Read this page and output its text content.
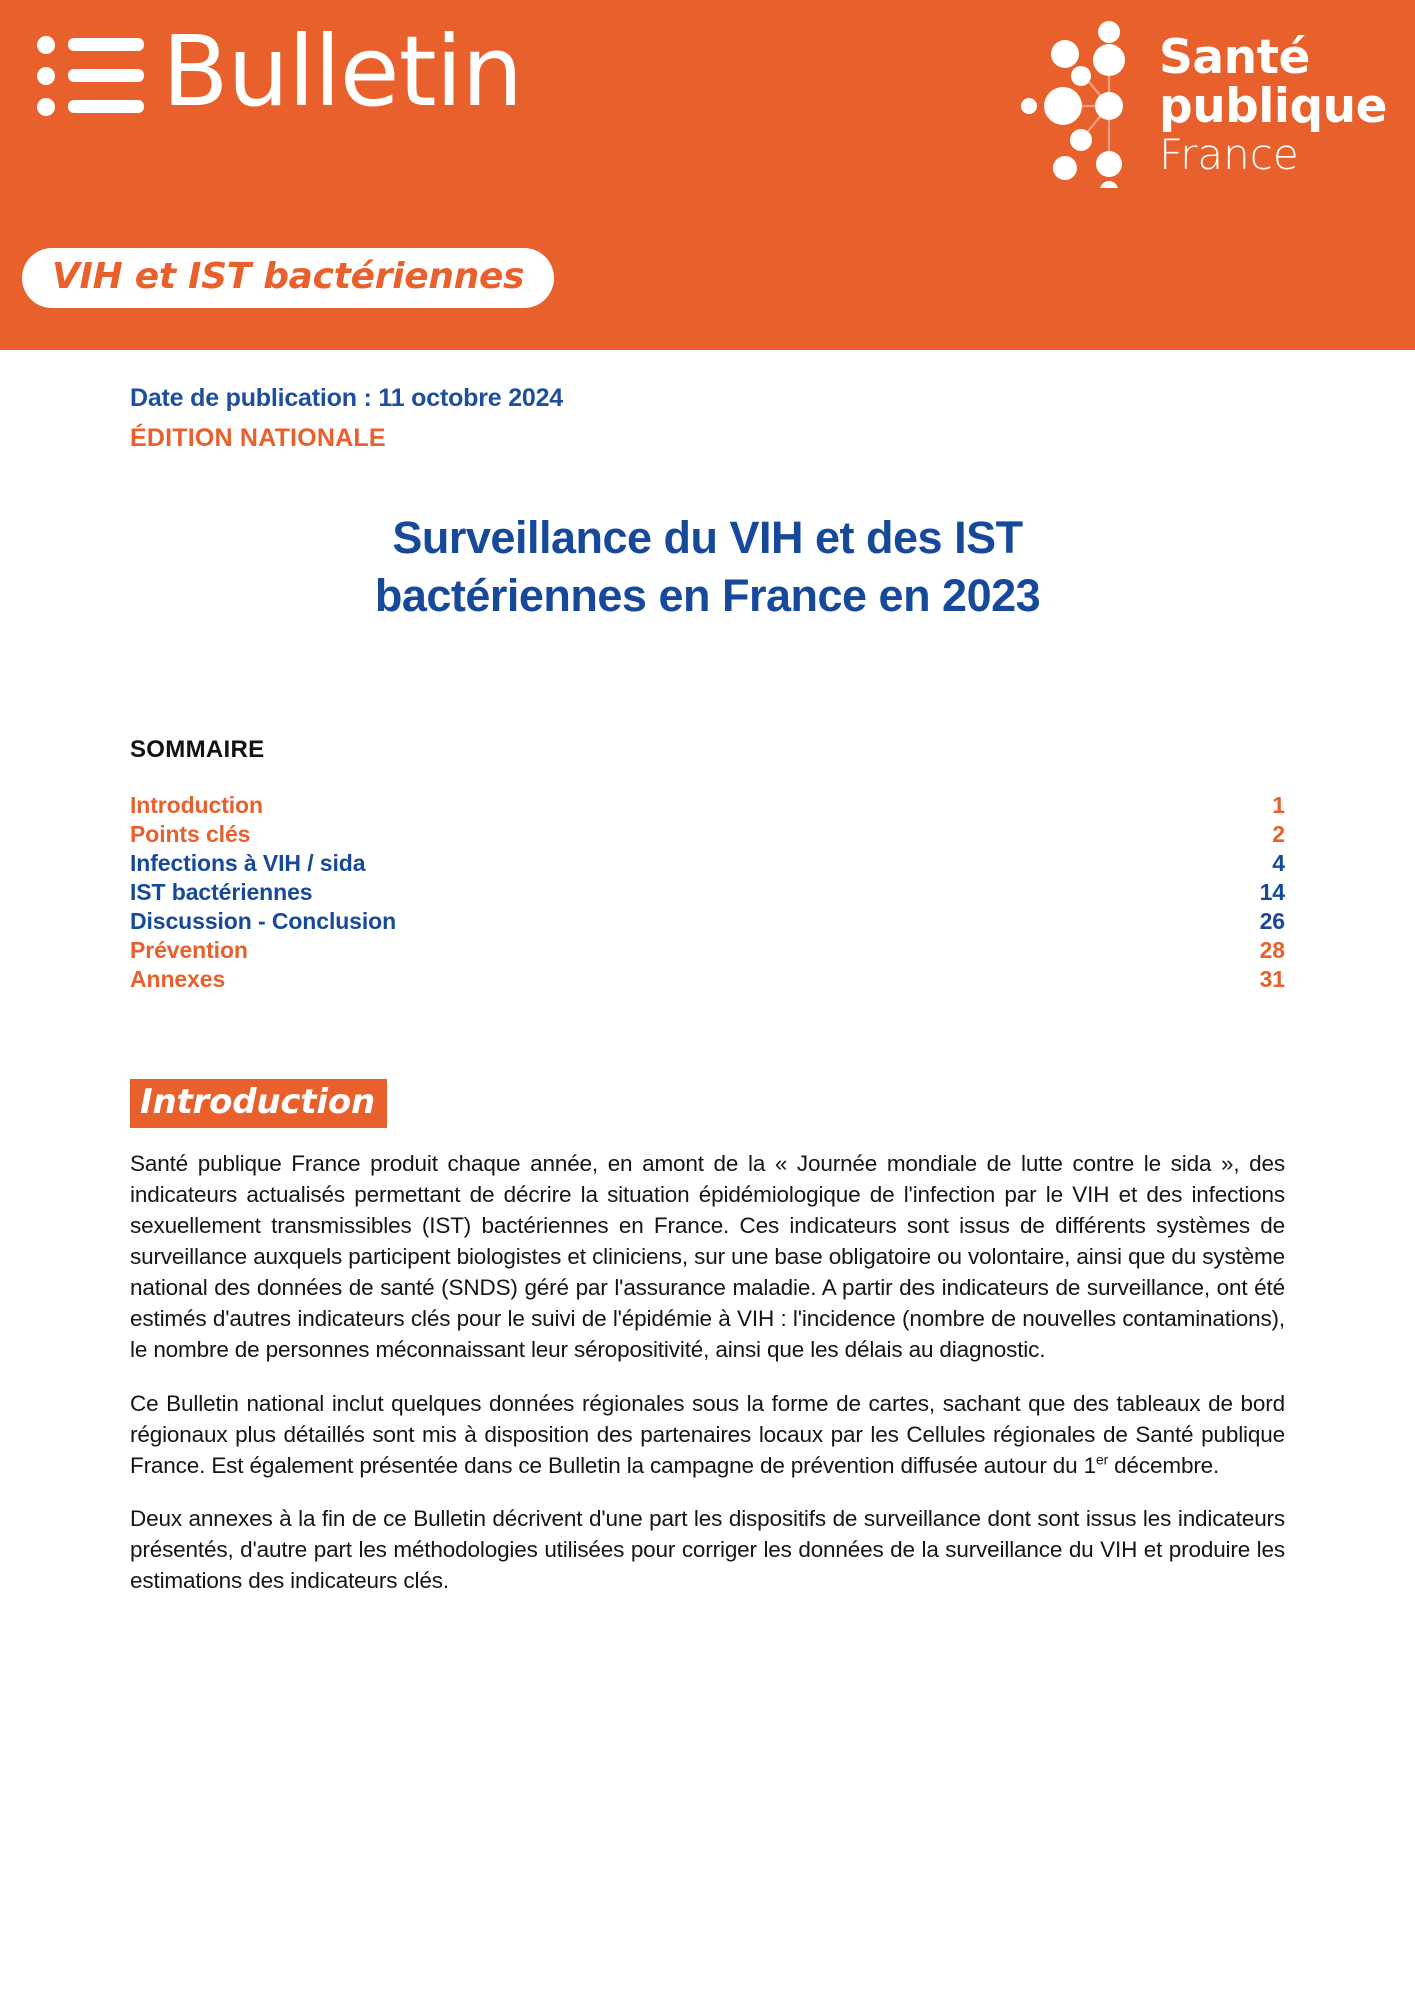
Bulletin	Santé
publique
France
VIH et IST bactériennes
Date de publication : 11 octobre 2024
ÉDITION NATIONALE
Surveillance du VIH et des IST
bactériennes en France en 2023
SOMMAIRE
Introduction	1
Points clés	2
Infections à VIH / sida	4
IST bactériennes	14
Discussion - Conclusion	26
Prévention	28
Annexes	31
Introduction

Santé publique France produit chaque année, en amont de la « Journée mondiale de lutte contre le sida », des indicateurs actualisés permettant de décrire la situation épidémiologique de l'infection par le VIH et des infections sexuellement transmissibles (IST) bactériennes en France. Ces indicateurs sont issus de différents systèmes de surveillance auxquels participent biologistes et cliniciens, sur une base obligatoire ou volontaire, ainsi que du système national des données de santé (SNDS) géré par l'assurance maladie. A partir des indicateurs de surveillance, ont été estimés d'autres indicateurs clés pour le suivi de l'épidémie à VIH : l'incidence (nombre de nouvelles contaminations), le nombre de personnes méconnaissant leur séropositivité, ainsi que les délais au diagnostic.

Ce Bulletin national inclut quelques données régionales sous la forme de cartes, sachant que des tableaux de bord régionaux plus détaillés sont mis à disposition des partenaires locaux par les Cellules régionales de Santé publique France. Est également présentée dans ce Bulletin la campagne de prévention diffusée autour du 1er décembre.

Deux annexes à la fin de ce Bulletin décrivent d'une part les dispositifs de surveillance dont sont issus les indicateurs présentés, d'autre part les méthodologies utilisées pour corriger les données de la surveillance du VIH et produire les estimations des indicateurs clés.
